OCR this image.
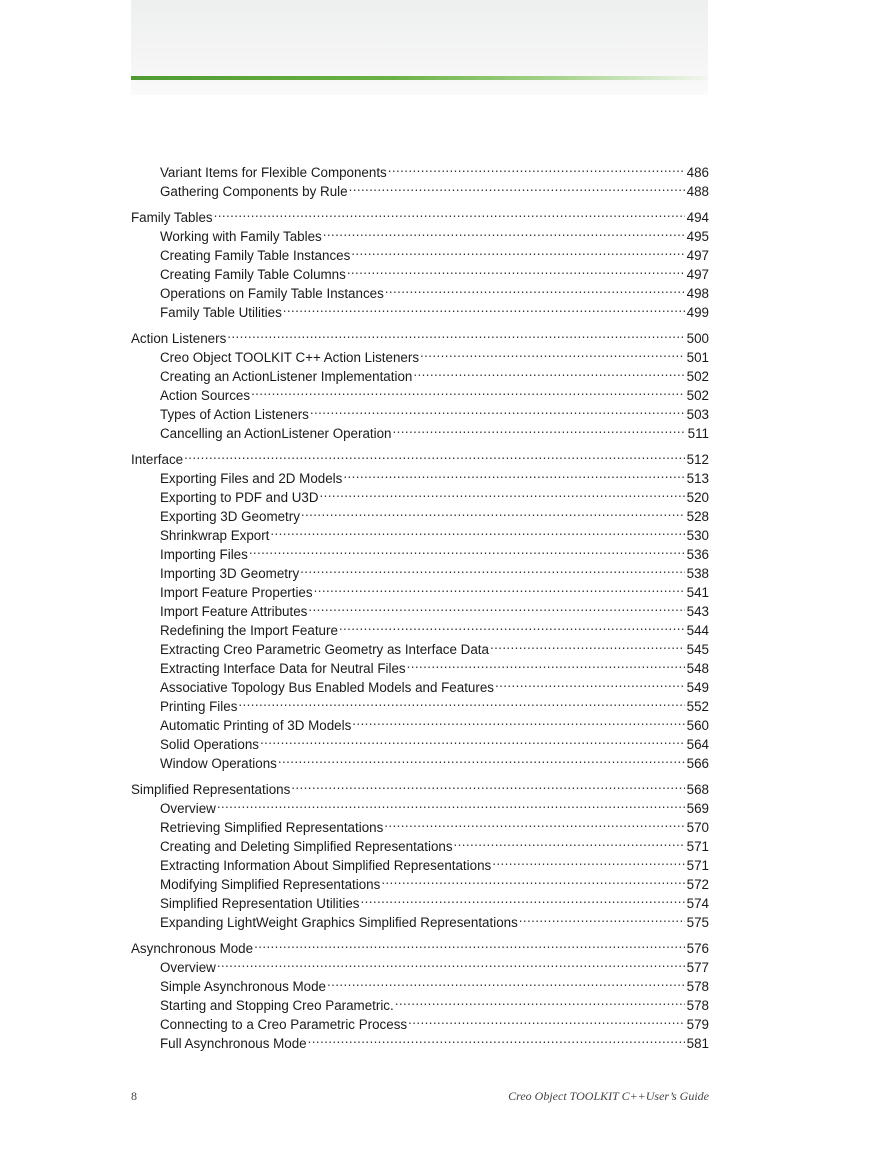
Variant Items for Flexible Components .....	486
Gathering Components by Rule .....	488
Family Tables .....	494
Working with Family Tables .....	495
Creating Family Table Instances .....	497
Creating Family Table Columns .....	497
Operations on Family Table Instances .....	498
Family Table Utilities .....	499
Action Listeners .....	500
Creo Object TOOLKIT C++ Action Listeners .....	501
Creating an ActionListener Implementation .....	502
Action Sources .....	502
Types of Action Listeners .....	503
Cancelling an ActionListener Operation .....	511
Interface .....	512
Exporting Files and 2D Models .....	513
Exporting to PDF and U3D .....	520
Exporting 3D Geometry .....	528
Shrinkwrap Export .....	530
Importing Files .....	536
Importing 3D Geometry .....	538
Import Feature Properties .....	541
Import Feature Attributes .....	543
Redefining the Import Feature .....	544
Extracting Creo Parametric Geometry as Interface Data .....	545
Extracting Interface Data for Neutral Files .....	548
Associative Topology Bus Enabled Models and Features .....	549
Printing Files .....	552
Automatic Printing of 3D Models .....	560
Solid Operations .....	564
Window Operations .....	566
Simplified Representations .....	568
Overview .....	569
Retrieving Simplified Representations .....	570
Creating and Deleting Simplified Representations .....	571
Extracting Information About Simplified Representations .....	571
Modifying Simplified Representations .....	572
Simplified Representation Utilities .....	574
Expanding LightWeight Graphics Simplified Representations .....	575
Asynchronous Mode .....	576
Overview .....	577
Simple Asynchronous Mode .....	578
Starting and Stopping Creo Parametric. .....	578
Connecting to a Creo Parametric Process .....	579
Full Asynchronous Mode .....	581
8	Creo Object TOOLKIT C++User’s Guide
